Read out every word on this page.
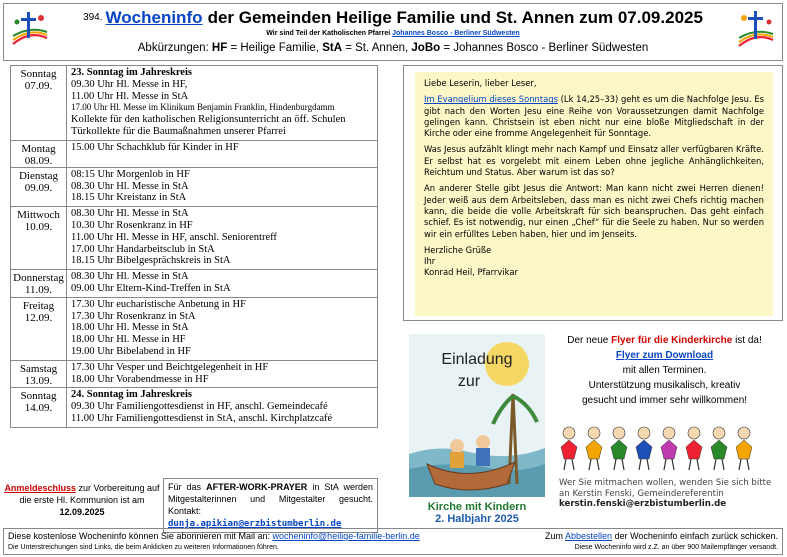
394. Wocheninfo der Gemeinden Heilige Familie und St. Annen zum 07.09.2025
Wir sind Teil der Katholischen Pfarrei Johannes Bosco - Berliner Südwesten
Abkürzungen: HF = Heilige Familie, StA = St. Annen, JoBo = Johannes Bosco - Berliner Südwesten
Sonntag
07.09.
23. Sonntag im Jahreskreis
09.30 Uhr Hl. Messe in HF,
11.00 Uhr Hl. Messe in StA
17.00 Uhr Hl. Messe im Klinikum Benjamin Franklin, Hindenburgdamm
Kollekte für den katholischen Religionsunterricht an öff. Schulen
Türkollekte für die Baumaßnahmen unserer Pfarrei
Montag
08.09.
15.00 Uhr Schachklub für Kinder in HF
Dienstag
09.09.
08:15 Uhr Morgenlob in HF
08.30 Uhr Hl. Messe in StA
18.15 Uhr Kreistanz in StA
Mittwoch
10.09.
08.30 Uhr Hl. Messe in StA
10.30 Uhr Rosenkranz in HF
11.00 Uhr Hl. Messe in HF, anschl. Seniorentreff
17.00 Uhr Handarbeitsclub in StA
18.15 Uhr Bibelgesprächskreis in StA
Donnerstag
11.09.
08.30 Uhr Hl. Messe in StA
09.00 Uhr Eltern-Kind-Treffen in StA
Freitag
12.09.
17.30 Uhr eucharistische Anbetung in HF
17.30 Uhr Rosenkranz in StA
18.00 Uhr Hl. Messe in StA
18.00 Uhr Hl. Messe in HF
19.00 Uhr Bibelabend in HF
Samstag
13.09.
17.30 Uhr Vesper und Beichtgelegenheit in HF
18.00 Uhr Vorabendmesse in HF
Sonntag
14.09.
24. Sonntag im Jahreskreis
09.30 Uhr Familiengottesdienst in HF, anschl. Gemeindecafé
11.00 Uhr Familiengottesdienst in StA, anschl. Kirchplatzcafé
Anmeldeschluss zur Vorbereitung auf die erste Hl. Kommunion ist am
12.09.2025
Für das AFTER-WORK-PRAYER in StA werden Mitgestalterinnen und Mitgestalter gesucht. Kontakt: dunja.apikian@erzbistumberlin.de

Liebe Leserin, lieber Leser,

Im Evangelium dieses Sonntags (Lk 14,25–33) geht es um die Nachfolge Jesu. Es gibt nach den Worten Jesu eine Reihe von Voraussetzungen damit Nachfolge gelingen kann. Christsein ist eben nicht nur eine bloße Mitgliedschaft in der Kirche oder eine fromme Angelegenheit für Sonntage.

Was Jesus aufzählt klingt mehr nach Kampf und Einsatz aller verfügbaren Kräfte. Er selbst hat es vorgelebt mit einem Leben ohne jegliche Anhänglichkeiten, Reichtum und Status. Aber warum ist das so?

An anderer Stelle gibt Jesus die Antwort: Man kann nicht zwei Herren dienen! Jeder weiß aus dem Arbeitsleben, dass man es nicht zwei Chefs richtig machen kann, die beide die volle Arbeitskraft für sich beanspruchen. Das geht einfach schief. Es ist notwendig, nur einen „Chef“ für die Seele zu haben. Nur so werden wir ein erfülltes Leben haben, hier und im Jenseits.

Herzliche Grüße
Ihr
Konrad Heil, Pfarrvikar
Einladung
zur
Kirche mit Kindern
2. Halbjahr 2025
Der neue Flyer für die Kinderkirche ist da!
Flyer zum Download
mit allen Terminen.
Unterstützung musikalisch, kreativ
gesucht und immer sehr willkommen!
Wer Sie mitmachen wollen, wenden Sie sich bitte an Kerstin Fenski, Gemeindereferentin
kerstin.fenski@erzbistumberlin.de
Diese kostenlose Wocheninfo können Sie abonnieren mit Mail an: wocheninfo@heilige-familie-berlin.de
Die Unterstreichungen sind Links, die beim Anklicken zu weiteren Informationen führen.
Zum Abbestellen der Wocheninfo einfach zurück schicken.
Diese Wocheninfo wird z.Z. an über 900 Mailempfänger versandt.
